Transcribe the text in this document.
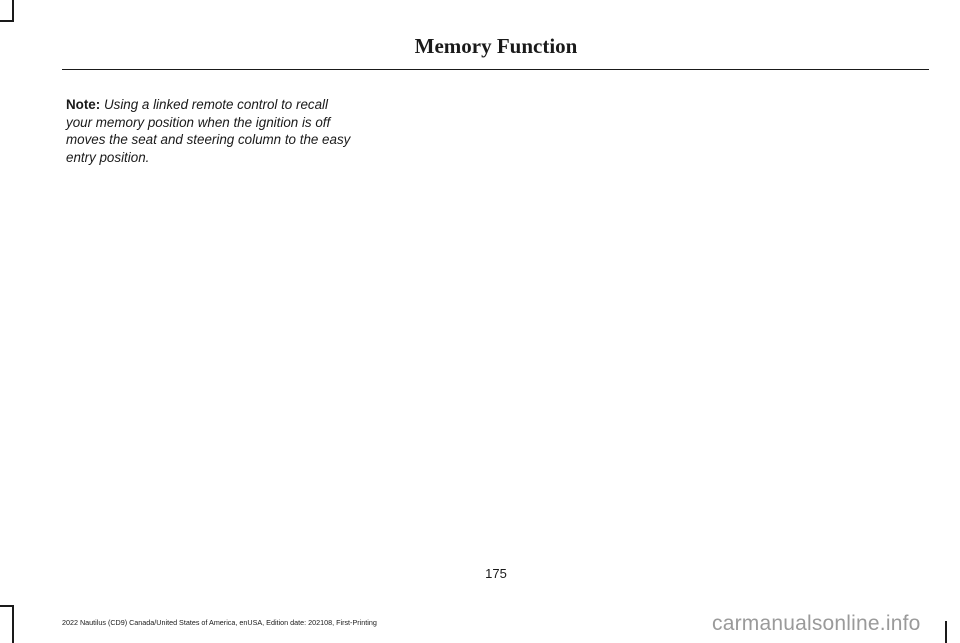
Memory Function

Note: Using a linked remote control to recall your memory position when the ignition is off moves the seat and steering column to the easy entry position.

175
2022 Nautilus (CD9) Canada/United States of America, enUSA, Edition date: 202108, First-Printing	carmanualsonline.info
